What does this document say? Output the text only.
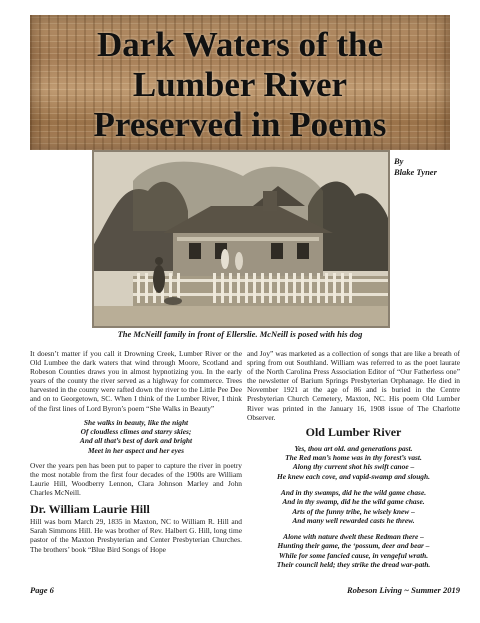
Dark Waters of the
Lumber River
Preserved in Poems
By
Blake Tyner
The McNeill family in front of Ellerslie. McNeill is posed with his dog

It doesn’t matter if you call it Drowning Creek, Lumber River or the Old Lumbee the dark waters that wind through Moore, Scotland and Robeson Counties draws you in almost hypnotizing you. In the early years of the county the river served as a highway for commerce. Trees harvested in the county were rafted down the river to the Little Pee Dee and on to Georgetown, SC. When I think of the Lumber River, I think of the first lines of Lord Byron’s poem “She Walks in Beauty”

She walks in beauty, like the night
Of cloudless climes and starry skies;
And all that’s best of dark and bright
Meet in her aspect and her eyes

Over the years pen has been put to paper to capture the river in poetry the most notable from the first four decades of the 1900s are William Laurie Hill, Woodberry Lennon, Clara Johnson Marley and John Charles McNeill.

Dr. William Laurie Hill

Hill was born March 29, 1835 in Maxton, NC to William R. Hill and Sarah Simmons Hill. He was brother of Rev. Halbert G. Hill, long time pastor of the Maxton Presbyterian and Center Presbyterian Churches. The brothers’ book “Blue Bird Songs of Hope

and Joy” was marketed as a collection of songs that are like a breath of spring from out Southland. William was referred to as the poet laurate of the North Carolina Press Association Editor of “Our Fatherless one” the newsletter of Barium Springs Presbyterian Orphanage. He died in November 1921 at the age of 86 and is buried in the Centre Presbyterian Church Cemetery, Maxton, NC. His poem Old Lumber River was printed in the January 16, 1908 issue of The Charlotte Observer.

Old Lumber River
Yes, thou art old. and generations past.
The Red man’s home was in thy forest’s vast.
Along thy current shot his swift canoe –
He knew each cove, and vapid-swamp and slough.
And in thy swamps, did he the wild game chase.
And in thy swamp, did he the wild game chase.
Arts of the funny tribe, he wisely knew –
And many well rewarded casts he threw.
Alone with nature dwelt these Redman there –
Hunting their game, the ‘possum, deer and bear –
While for some fancied cause, in vengeful wrath.
Their council held; they strike the dread war-path.
Page 6	Robeson Living ~ Summer 2019
